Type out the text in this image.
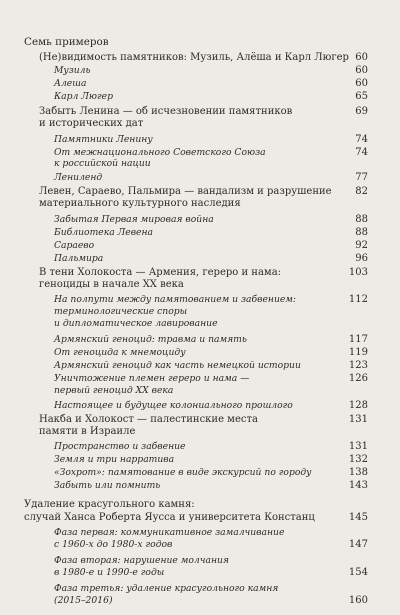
Семь примеров
(Не)видимость памятников: Музиль, Алёша и Карл Люгер 60
Музиль	60
Алеша	60
Карл Люгер	65
Забыть Ленина — об исчезновении памятников	69
и исторических дат
Памятники Ленину	74
От межнационального Советского Союза	74
к российской нации
Лениленд	77
Левен, Сараево, Пальмира — вандализм и разрушение	82
материального культурного наследия
Забытая Первая мировая война	88
Библиотека Левена	88
Сараево	92
Пальмира	96
В тени Холокоста — Армения, гереро и нама:	103
геноциды в начале XX века
На полпути между памятованием и забвением:	112
терминологические споры
и дипломатическое лавирование
Армянский геноцид: травма и память	117
От геноцида к мнемоциду	119
Армянский геноцид как часть немецкой истории	123
Уничтожение племен гереро и нама —	126
первый геноцид XX века
Настоящее и будущее колониального прошлого	128
Накба и Холокост — палестинские места	131
памяти в Израиле
Пространство и забвение	131
Земля и три нарратива	132
«Зохрот»: памятование в виде экскурсий по городу	138
Забыть или помнить	143
Удаление красугольного камня:
случай Ханса Роберта Яусса и университета Констанц	145
Фаза первая: коммуникативное замалчивание
с 1960-х до 1980-х годов	147
Фаза вторая: нарушение молчания
в 1980-е и 1990-е годы	154
Фаза третья: удаление красугольного камня
(2015–2016)	160
